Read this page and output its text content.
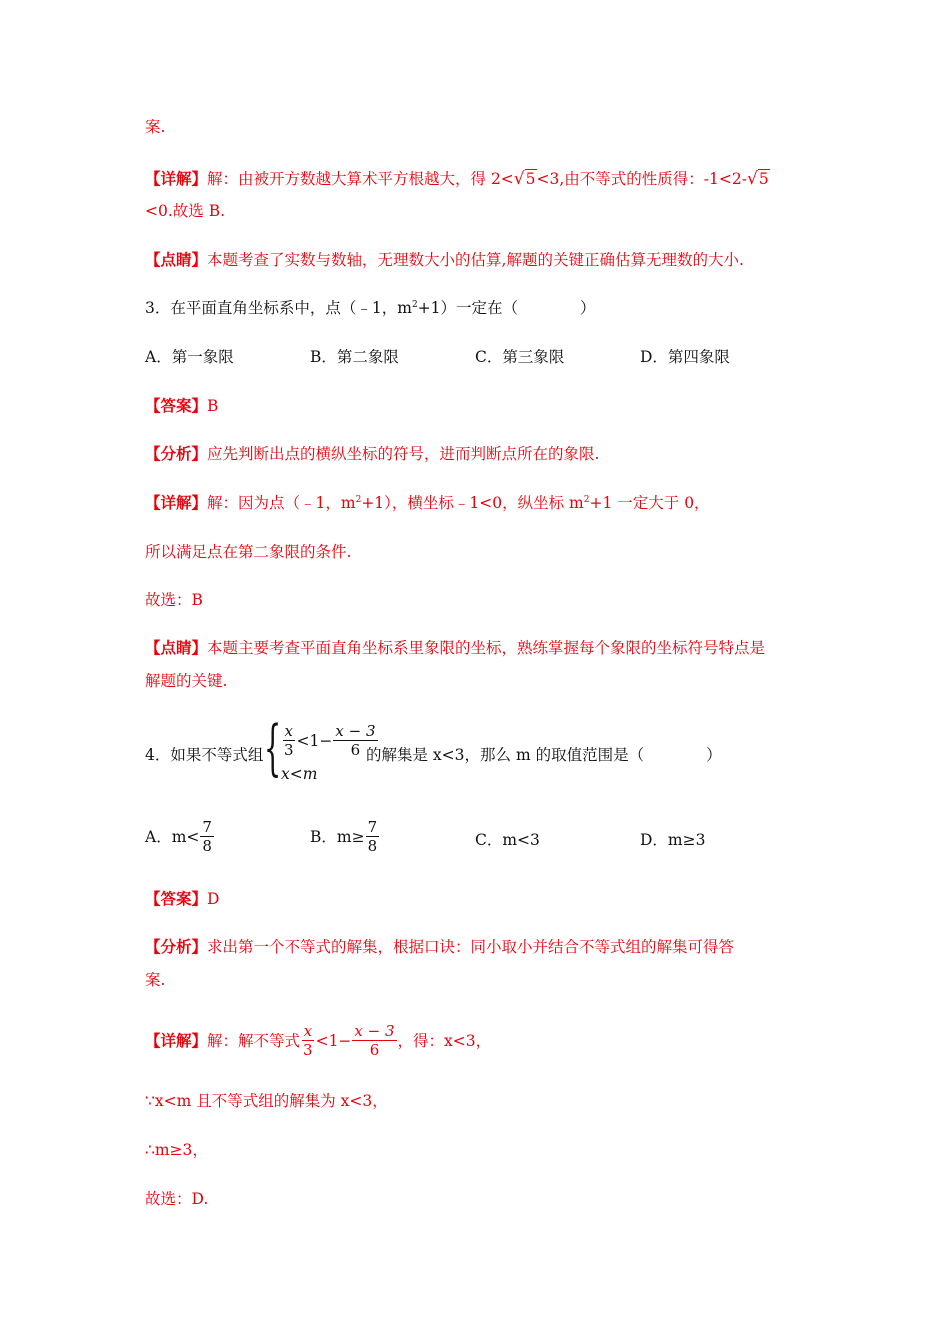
案.
【详解】解：由被开方数越大算术平方根越大，得 2<√5<3,由不等式的性质得：-1<2-√5
<0.故选 B.
【点睛】本题考查了实数与数轴，无理数大小的估算,解题的关键正确估算无理数的大小.
3．在平面直角坐标系中，点（﹣1，$m^2+1$）一定在（　　　　）
A．第一象限	B．第二象限	C．第三象限	D．第四象限
【答案】B
【分析】应先判断出点的横纵坐标的符号，进而判断点所在的象限.
【详解】解：因为点（﹣1，$m^2+1$），横坐标﹣1<0，纵坐标 $m^2+1$ 一定大于 0，
所以满足点在第二象限的条件.
故选：B
【点睛】本题主要考查平面直角坐标系里象限的坐标，熟练掌握每个象限的坐标符号特点是
解题的关键.
4．如果不等式组 { $\frac{x}{3} <1- \frac{x - 3}{6}$
x<m
的解集是 x<3，那么 m 的取值范围是（　　　　）
A．$m< \frac{7}{8}$	B．$m\ge \frac{7}{8}$	C．m<3	D．m≥3
【答案】D
【分析】求出第一个不等式的解集，根据口诀：同小取小并结合不等式组的解集可得答
案.
【详解】 解：解不等式 $\frac{x}{3} <1- \frac{x - 3}{6}$ ，得：x<3，
∵x<m 且不等式组的解集为 x<3，
∴m≥3，
故选：D.
